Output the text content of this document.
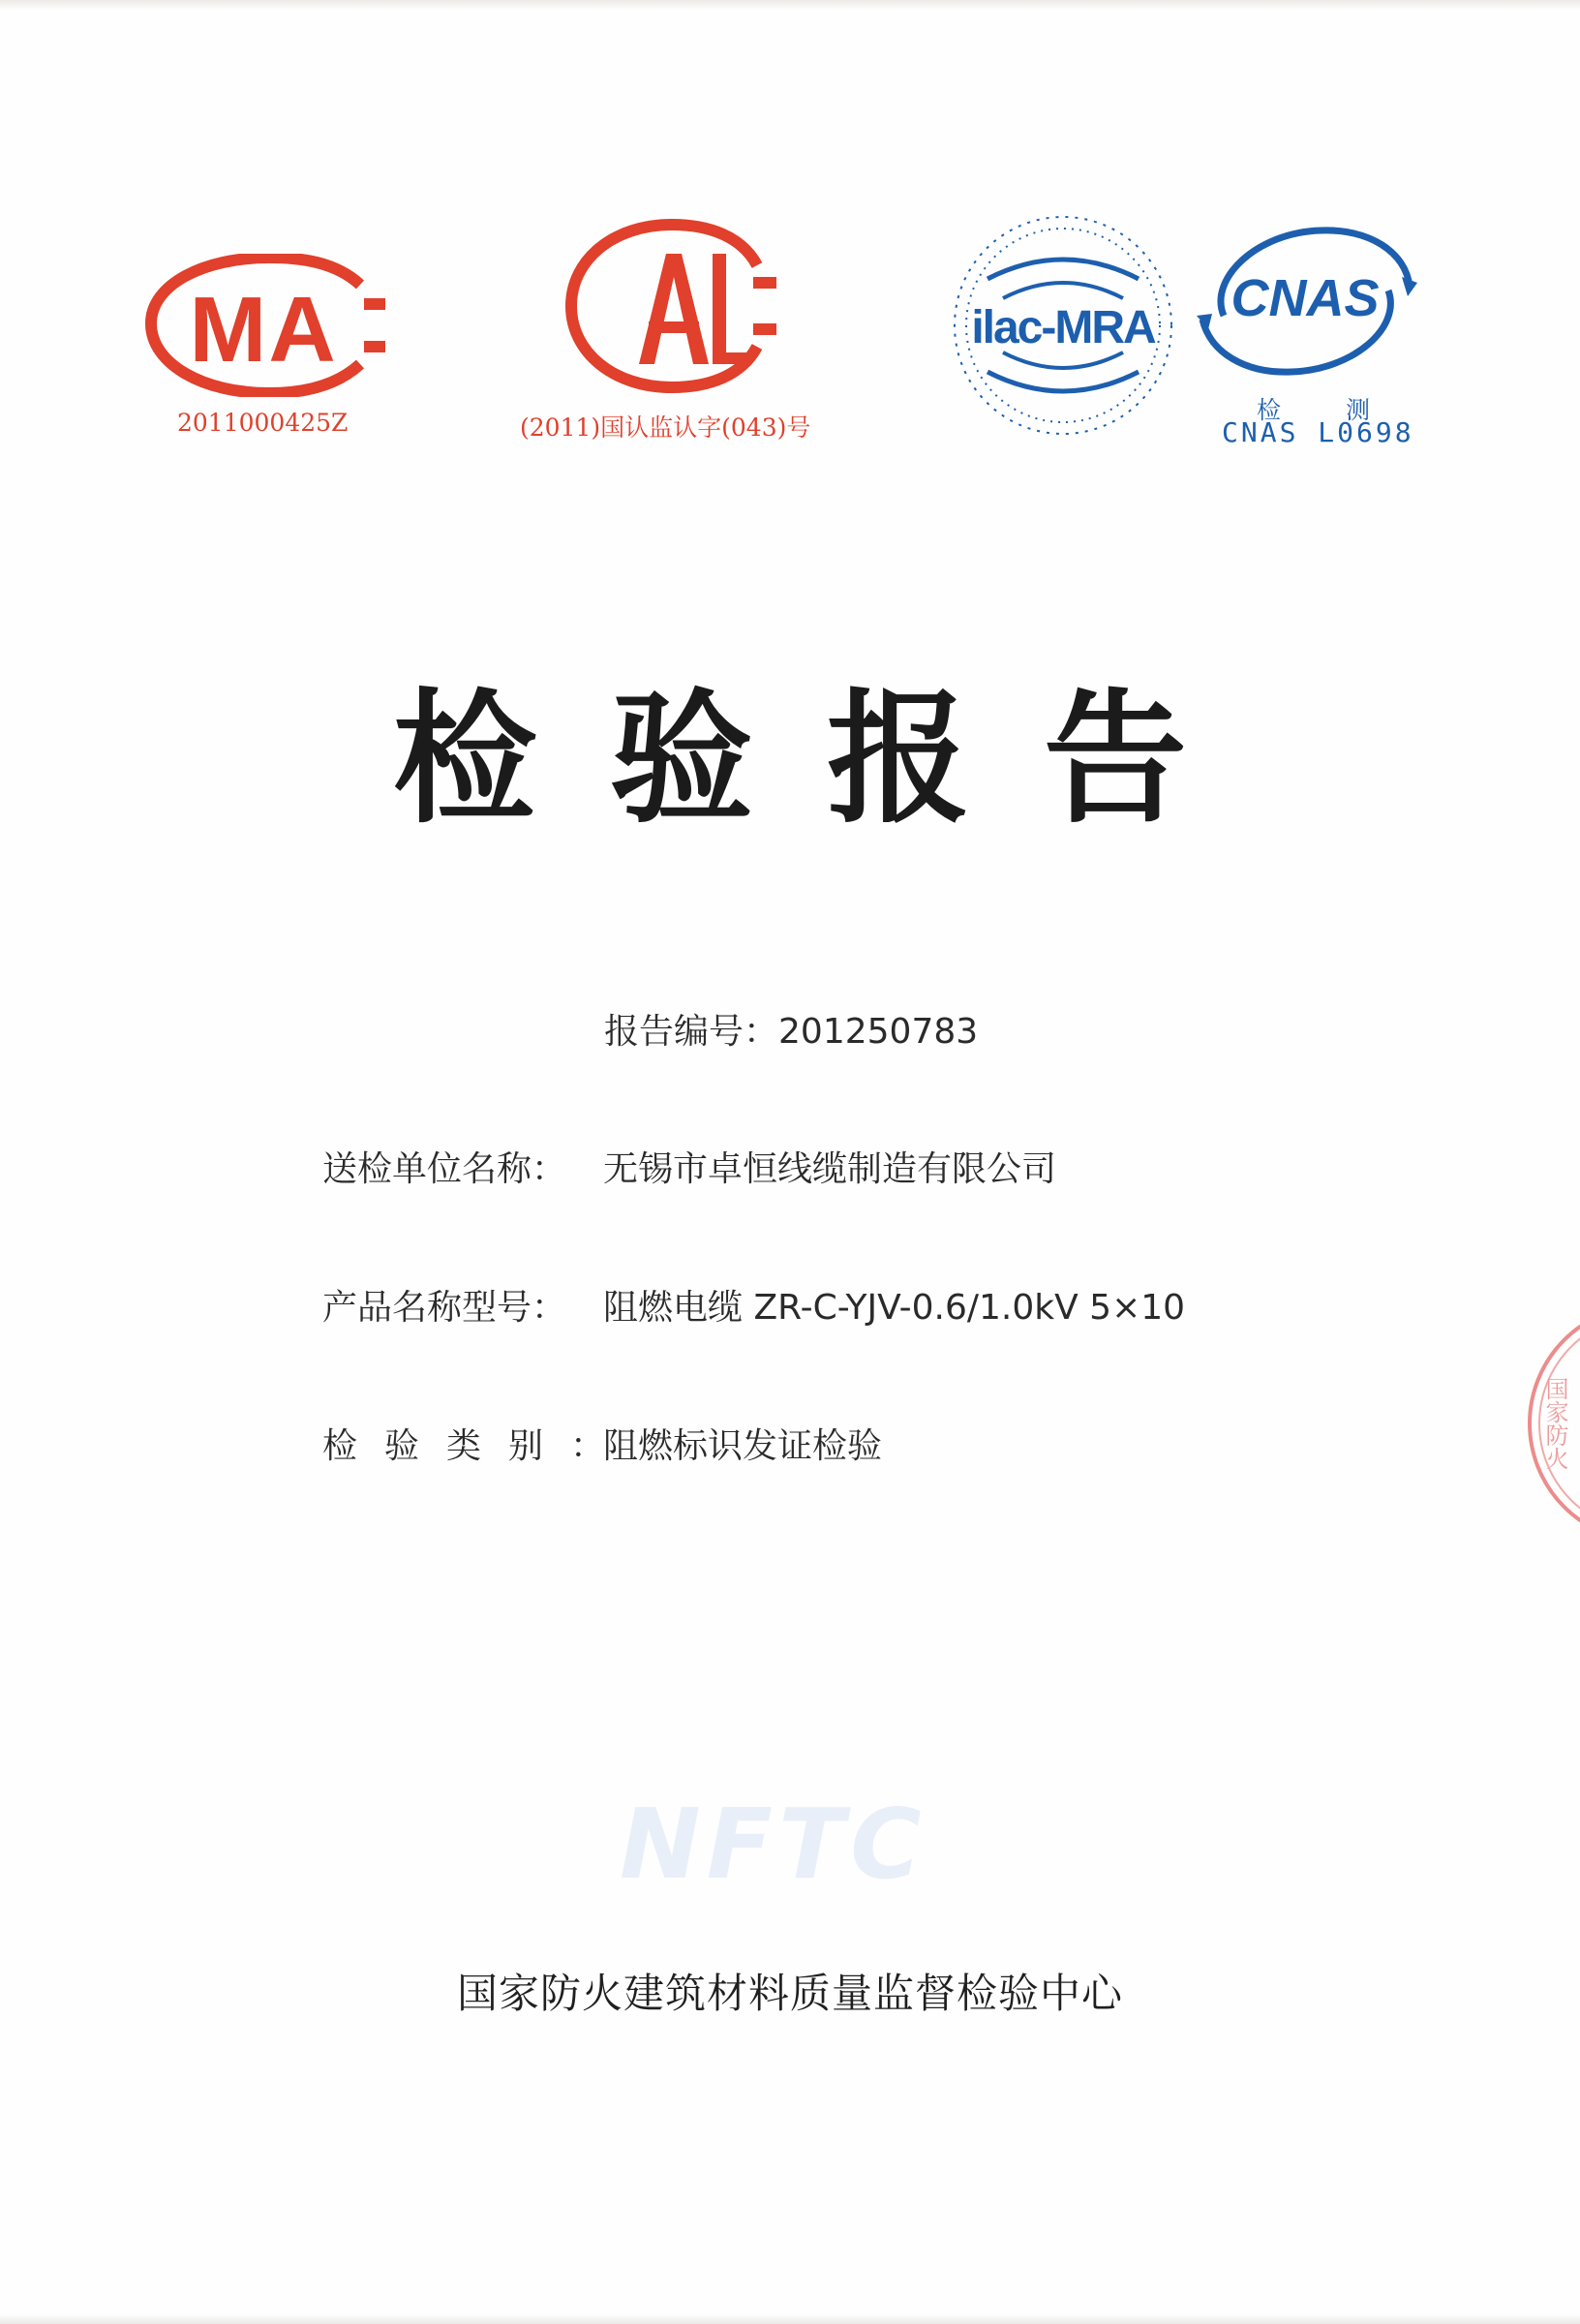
MA
2011000425Z	(2011)国认监认字(043)号
ilac-MRA
CNAS
检 测
CNAS L0698
检验报告
报告编号：201250783
送检单位名称： 无锡市卓恒线缆制造有限公司
产品名称型号： 阻燃电缆 ZR-C-YJV-0.6/1.0kV 5×10
检验类别：阻燃标识发证检验
NFTC
国家防火建筑材料质量监督检验中心
国家防火
